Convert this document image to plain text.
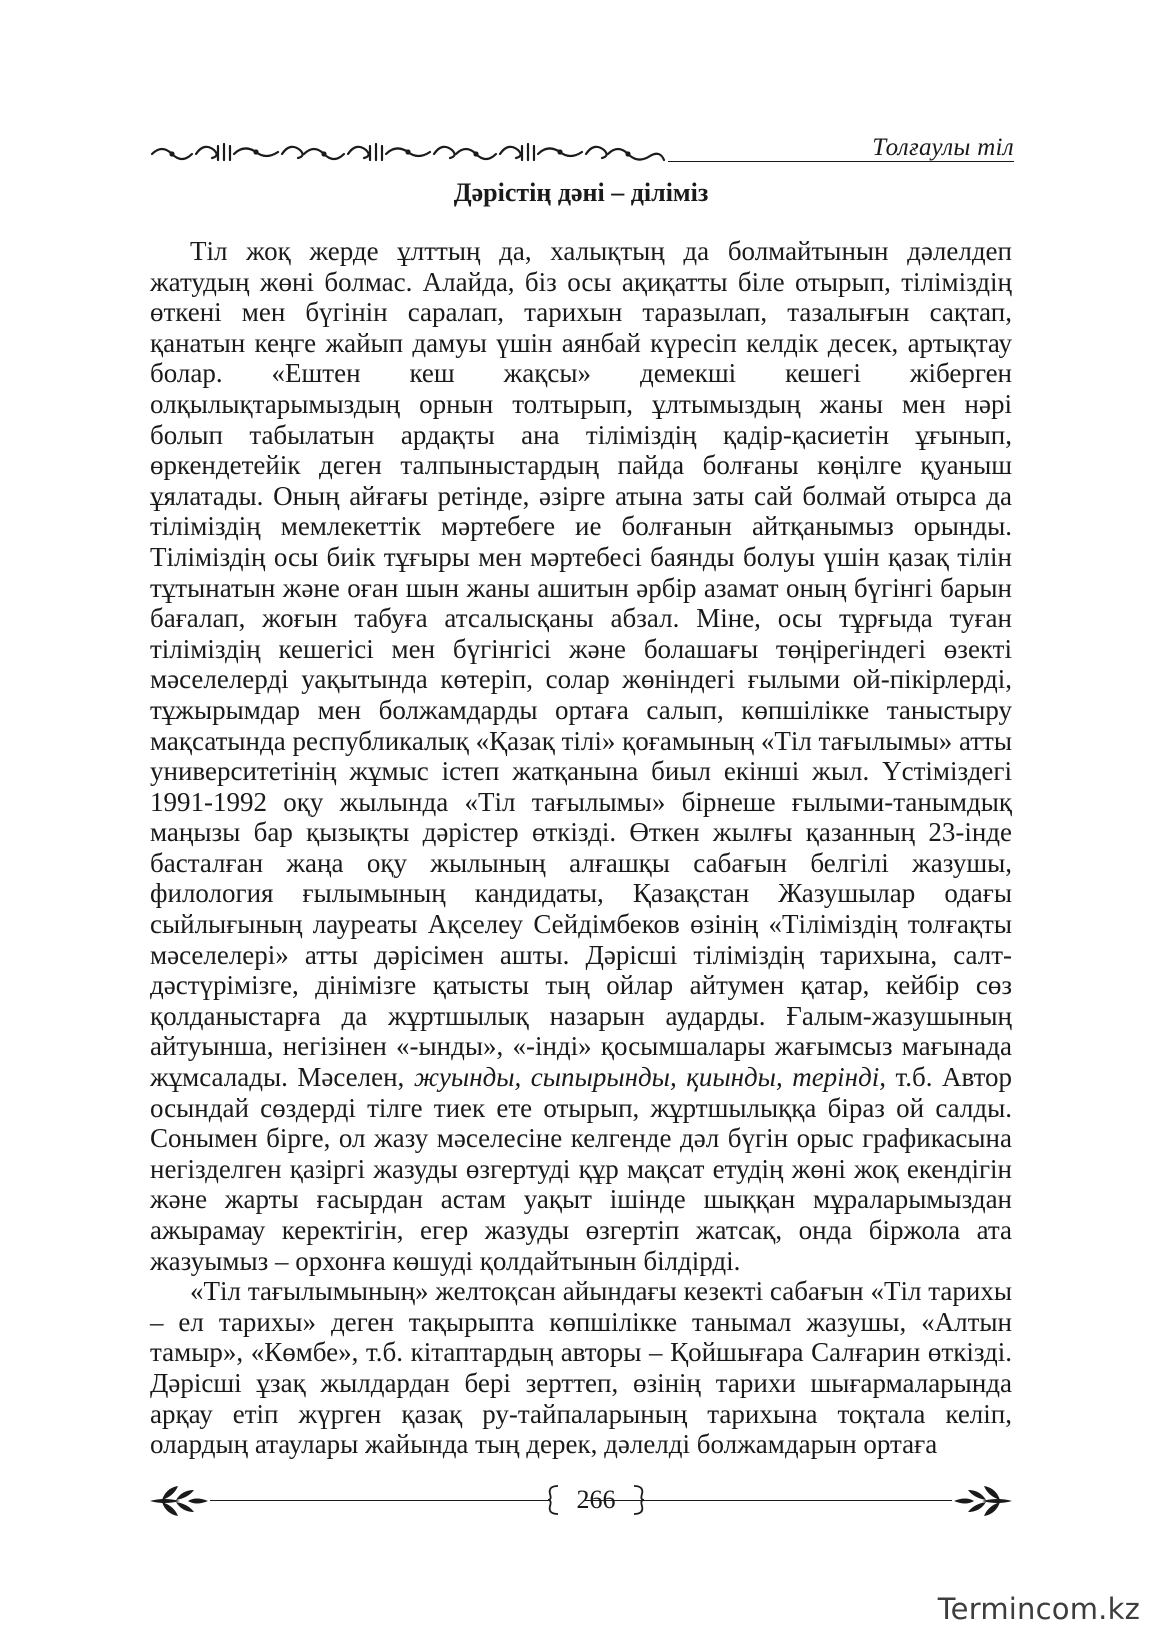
Толғаулы тіл
Дәрістің дәні – діліміз

Тіл жоқ жерде ұлттың да, халықтың да болмайтынын дәлелдеп жатудың жөні болмас. Алайда, біз осы ақиқатты біле отырып, тіліміздің өткені мен бүгінін саралап, тарихын таразылап, тазалығын сақтап, қанатын кеңге жайып дамуы үшін аянбай күресіп келдік десек, артықтау болар. «Ештен кеш жақсы» демекші кешегі жіберген олқылықтарымыздың орнын толтырып, ұлтымыздың жаны мен нәрі болып табылатын ардақты ана тіліміздің қадір-қасиетін ұғынып, өркендетейік деген талпыныстардың пайда болғаны көңілге қуаныш ұялатады. Оның айғағы ретінде, әзірге атына заты сай болмай отырса да тіліміздің мемлекеттік мәртебеге ие болғанын айтқанымыз орынды. Тіліміздің осы биік тұғыры мен мәртебесі баянды болуы үшін қазақ тілін тұтынатын және оған шын жаны ашитын әрбір азамат оның бүгінгі барын бағалап, жоғын табуға атсалысқаны абзал. Міне, осы тұрғыда туған тіліміздің кешегісі мен бүгінгісі және болашағы төңірегіндегі өзекті мәселелерді уақытында көтеріп, солар жөніндегі ғылыми ой-пікірлерді, тұжырымдар мен болжамдарды ортаға салып, көпшілікке таныстыру мақсатында республикалық «Қазақ тілі» қоғамының «Тіл тағылымы» атты университетінің жұмыс істеп жатқанына биыл екінші жыл. Үстіміздегі 1991-1992 оқу жылында «Тіл тағылымы» бірнеше ғылыми-танымдық маңызы бар қызықты дәрістер өткізді. Өткен жылғы қазанның 23-інде басталған жаңа оқу жылының алғашқы сабағын белгілі жазушы, филология ғылымының кандидаты, Қазақстан Жазушылар одағы сыйлығының лауреаты Ақселеу Сейдімбеков өзінің «Тіліміздің толғақты мәселелері» атты дәрісімен ашты. Дәрісші тіліміздің тарихына, салт-дәстүрімізге, дінімізге қатысты тың ойлар айтумен қатар, кейбір сөз қолданыстарға да жұртшылық назарын аударды. Ғалым-жазушының айтуынша, негізінен «-ынды», «-інді» қосымшалары жағымсыз мағынада жұмсалады. Мәселен, жуынды, сыпырынды, қиынды, терінді, т.б. Автор осындай сөздерді тілге тиек ете отырып, жұртшылыққа біраз ой салды. Сонымен бірге, ол жазу мәселесіне келгенде дәл бүгін орыс графикасына негізделген қазіргі жазуды өзгертуді құр мақсат етудің жөні жоқ екендігін және жарты ғасырдан астам уақыт ішінде шыққан мұраларымыздан ажырамау керектігін, егер жазуды өзгертіп жатсақ, онда біржола ата жазуымыз – орхонға көшуді қолдайтынын білдірді.

«Тіл тағылымының» желтоқсан айындағы кезекті сабағын «Тіл тарихы – ел тарихы» деген тақырыпта көпшілікке танымал жазушы, «Алтын тамыр», «Көмбе», т.б. кітаптардың авторы – Қойшығара Салғарин өткізді. Дәрісші ұзақ жылдардан бері зерттеп, өзінің тарихи шығармаларында арқау етіп жүрген қазақ ру-тайпаларының тарихына тоқтала келіп, олардың атаулары жайында тың дерек, дәлелді болжамдарын ортаға

266
Termincom.kz
